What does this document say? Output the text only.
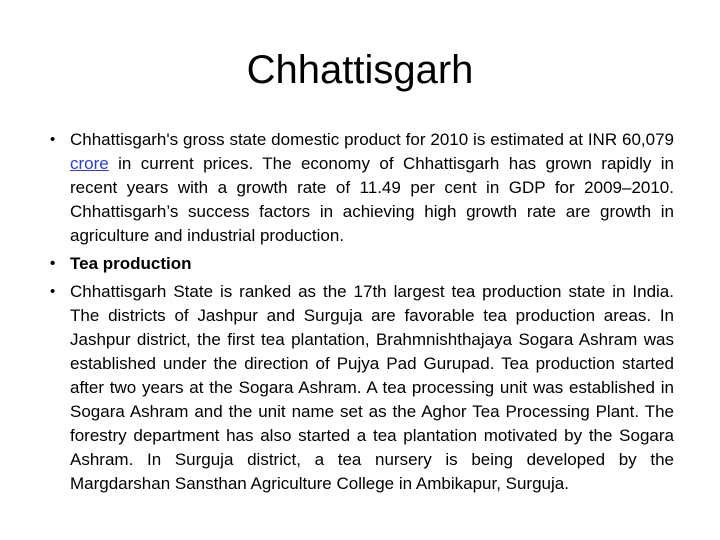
Chhattisgarh
• Chhattisgarh's gross state domestic product for 2010 is estimated at INR 60,079 crore in current prices. The economy of Chhattisgarh has grown rapidly in recent years with a growth rate of 11.49 per cent in GDP for 2009–2010. Chhattisgarh’s success factors in achieving high growth rate are growth in agriculture and industrial production.
• Tea production
• Chhattisgarh State is ranked as the 17th largest tea production state in India. The districts of Jashpur and Surguja are favorable tea production areas. In Jashpur district, the first tea plantation, Brahmnishthajaya Sogara Ashram was established under the direction of Pujya Pad Gurupad. Tea production started after two years at the Sogara Ashram. A tea processing unit was established in Sogara Ashram and the unit name set as the Aghor Tea Processing Plant. The forestry department has also started a tea plantation motivated by the Sogara Ashram. In Surguja district, a tea nursery is being developed by the Margdarshan Sansthan Agriculture College in Ambikapur, Surguja.
